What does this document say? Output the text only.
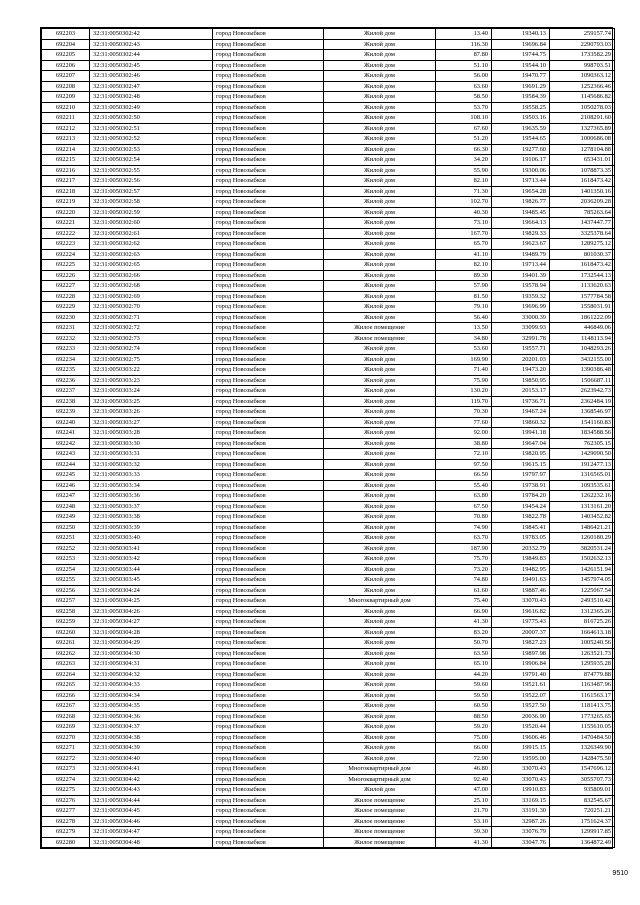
692203	32:31:0050302:42	город Новозыбков	Жилой дом	13.40	19340.13	259157.74
692204	32:31:0050302:43	город Новозыбков	Жилой дом	116.30	19696.84	2290793.03
692205	32:31:0050302:44	город Новозыбков	Жилой дом	87.80	19744.75	1733582.29
692206	32:31:0050302:45	город Новозыбков	Жилой дом	51.10	19544.10	998703.51
692207	32:31:0050302:46	город Новозыбков	Жилой дом	56.00	19470.77	1090363.12
692208	32:31:0050302:47	город Новозыбков	Жилой дом	63.60	19691.29	1252366.46
692209	32:31:0050302:48	город Новозыбков	Жилой дом	58.50	19584.39	1145686.82
692210	32:31:0050302:49	город Новозыбков	Жилой дом	53.70	19558.25	1050278.03
692211	32:31:0050302:50	город Новозыбков	Жилой дом	108.10	19503.16	2108291.60
692212	32:31:0050302:51	город Новозыбков	Жилой дом	67.60	19635.59	1327365.89
692213	32:31:0050302:52	город Новозыбков	Жилой дом	51.20	19544.65	1000686.08
692214	32:31:0050302:53	город Новозыбков	Жилой дом	66.30	19277.60	1278104.88
692215	32:31:0050302:54	город Новозыбков	Жилой дом	34.20	19106.17	653431.01
692216	32:31:0050302:55	город Новозыбков	Жилой дом	55.90	19300.06	1078873.35
692217	32:31:0050302:56	город Новозыбков	Жилой дом	82.10	19713.44	1618473.42
692218	32:31:0050302:57	город Новозыбков	Жилой дом	71.30	19654.28	1401350.16
692219	32:31:0050302:58	город Новозыбков	Жилой дом	102.70	19826.77	2036209.28
692220	32:31:0050302:59	город Новозыбков	Жилой дом	40.30	19485.45	785263.64
692221	32:31:0050302:60	город Новозыбков	Жилой дом	73.10	19664.13	1437447.77
692222	32:31:0050302:61	город Новозыбков	Жилой дом	167.70	19829.33	3325378.64
692223	32:31:0050302:62	город Новозыбков	Жилой дом	65.70	19623.67	1289275.12
692224	32:31:0050302:63	город Новозыбков	Жилой дом	41.10	19489.79	801030.37
692225	32:31:0050302:65	город Новозыбков	Жилой дом	82.10	19713.44	1618473.42
692226	32:31:0050302:66	город Новозыбков	Жилой дом	89.30	19401.39	1732544.13
692227	32:31:0050302:68	город Новозыбков	Жилой дом	57.90	19578.94	1133620.63
692228	32:31:0050302:69	город Новозыбков	Жилой дом	81.50	19359.32	1577784.58
692229	32:31:0050302:70	город Новозыбков	Жилой дом	79.10	19696.99	1558031.91
692230	32:31:0050302:71	город Новозыбков	Жилой дом	56.40	33000.39	1861222.09
692231	32:31:0050302:72	город Новозыбков	Жилое помещение	13.50	33099.93	446849.06
692232	32:31:0050302:73	город Новозыбков	Жилое помещение	34.80	32991.78	1148113.94
692233	32:31:0050302:74	город Новозыбков	Жилой дом	53.60	19557.71	1048293.26
692234	32:31:0050302:75	город Новозыбков	Жилой дом	169.90	20201.03	3432155.00
692235	32:31:0050303:22	город Новозыбков	Жилой дом	71.40	19473.20	1390386.48
692236	32:31:0050303:23	город Новозыбков	Жилой дом	75.90	19850.95	1506687.11
692237	32:31:0050303:24	город Новозыбков	Жилой дом	130.20	20153.17	2623942.73
692238	32:31:0050303:25	город Новозыбков	Жилой дом	119.70	19736.71	2362484.19
692239	32:31:0050303:26	город Новозыбков	Жилой дом	70.30	19467.24	1368546.97
692240	32:31:0050303:27	город Новозыбков	Жилой дом	77.60	19860.32	1541160.83
692241	32:31:0050303:28	город Новозыбков	Жилой дом	92.00	19941.18	1834588.56
692242	32:31:0050303:30	город Новозыбков	Жилой дом	38.80	19647.04	762305.15
692243	32:31:0050303:31	город Новозыбков	Жилой дом	72.10	19820.95	1429090.50
692244	32:31:0050303:32	город Новозыбков	Жилой дом	97.50	19615.15	1912477.13
692245	32:31:0050303:33	город Новозыбков	Жилой дом	66.50	19797.97	1316565.01
692246	32:31:0050303:34	город Новозыбков	Жилой дом	55.40	19738.91	1093535.61
692247	32:31:0050303:36	город Новозыбков	Жилой дом	63.80	19784.20	1262232.16
692248	32:31:0050303:37	город Новозыбков	Жилой дом	67.50	19454.24	1313161.20
692249	32:31:0050303:38	город Новозыбков	Жилой дом	70.80	19822.78	1403452.82
692250	32:31:0050303:39	город Новозыбков	Жилой дом	74.90	19845.41	1486421.21
692251	32:31:0050303:40	город Новозыбков	Жилой дом	63.70	19783.05	1260180.29
692252	32:31:0050303:41	город Новозыбков	Жилой дом	187.90	20332.79	3820531.24
692253	32:31:0050303:42	город Новозыбков	Жилой дом	75.70	19849.83	1502632.13
692254	32:31:0050303:44	город Новозыбков	Жилой дом	73.20	19482.95	1426151.94
692255	32:31:0050303:45	город Новозыбков	Жилой дом	74.80	19491.63	1457974.05
692256	32:31:0050304:24	город Новозыбков	Жилой дом	61.60	19887.46	1225067.54
692257	32:31:0050304:25	город Новозыбков	Многоквартирный дом	75.40	33070.43	2493510.42
692258	32:31:0050304:26	город Новозыбков	Жилой дом	66.90	19616.82	1312365.26
692259	32:31:0050304:27	город Новозыбков	Жилой дом	41.30	19775.43	816725.26
692260	32:31:0050304:28	город Новозыбков	Жилой дом	83.20	20007.37	1664613.18
692261	32:31:0050304:29	город Новозыбков	Жилой дом	50.70	19827.23	1005240.56
692262	32:31:0050304:30	город Новозыбков	Жилой дом	63.50	19897.98	1263521.73
692263	32:31:0050304:31	город Новозыбков	Жилой дом	65.10	19906.84	1295935.28
692264	32:31:0050304:32	город Новозыбков	Жилой дом	44.20	19791.40	874779.88
692265	32:31:0050304:33	город Новозыбков	Жилой дом	59.60	19521.61	1163487.96
692266	32:31:0050304:34	город Новозыбков	Жилой дом	59.50	19522.07	1161563.17
692267	32:31:0050304:35	город Новозыбков	Жилой дом	60.50	19527.50	1181413.75
692268	32:31:0050304:36	город Новозыбков	Жилой дом	88.50	20036.90	1773265.65
692269	32:31:0050304:37	город Новозыбков	Жилой дом	59.20	19520.44	1155610.05
692270	32:31:0050304:38	город Новозыбков	Жилой дом	75.00	19606.46	1470484.50
692271	32:31:0050304:39	город Новозыбков	Жилой дом	66.00	19915.15	1326349.90
692272	32:31:0050304:40	город Новозыбков	Жилой дом	72.90	19595.00	1428475.50
692273	32:31:0050304:41	город Новозыбков	Многоквартирный дом	46.80	33070.43	1547696.12
692274	32:31:0050304:42	город Новозыбков	Многоквартирный дом	92.40	33070.43	3055707.73
692275	32:31:0050304:43	город Новозыбков	Жилой дом	47.00	19910.83	935809.01
692276	32:31:0050304:44	город Новозыбков	Жилое помещение	25.10	33169.15	832545.67
692277	32:31:0050304:45	город Новозыбков	Жилое помещение	21.70	33191.30	720251.21
692278	32:31:0050304:46	город Новозыбков	Жилое помещение	53.10	32987.26	1751624.37
692279	32:31:0050304:47	город Новозыбков	Жилое помещение	39.30	33076.79	1299917.85
692280	32:31:0050304:48	город Новозыбков	Жилое помещение	41.30	33047.76	1364872.49
9510
